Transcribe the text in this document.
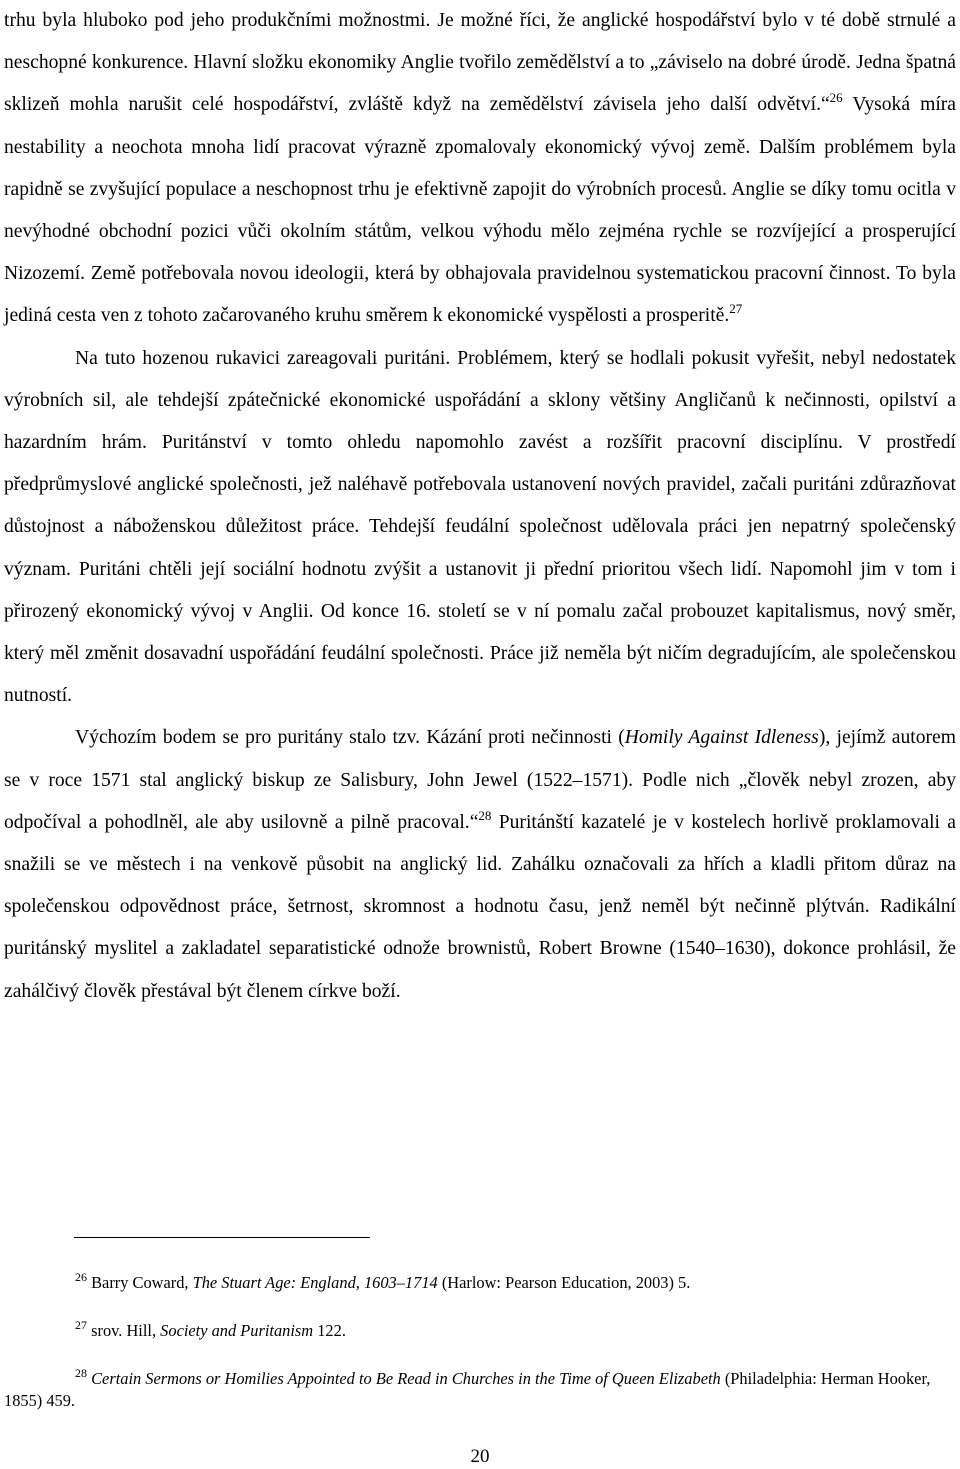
trhu byla hluboko pod jeho produkčními možnostmi. Je možné říci, že anglické hospodářství bylo v té době strnulé a neschopné konkurence. Hlavní složku ekonomiky Anglie tvořilo zemědělství a to „záviselo na dobré úrodě. Jedna špatná sklizeň mohla narušit celé hospodářství, zvláště když na zemědělství závisela jeho další odvětví.“$^{26}$ Vysoká míra nestability a neochota mnoha lidí pracovat výrazně zpomalovaly ekonomický vývoj země. Dalším problémem byla rapidně se zvyšující populace a neschopnost trhu je efektivně zapojit do výrobních procesů. Anglie se díky tomu ocitla v nevýhodné obchodní pozici vůči okolním státům, velkou výhodu mělo zejména rychle se rozvíjející a prosperující Nizozemí. Země potřebovala novou ideologii, která by obhajovala pravidelnou systematickou pracovní činnost. To byla jediná cesta ven z tohoto začarovaného kruhu směrem k ekonomické vyspělosti a prosperitě.$^{27}$

Na tuto hozenou rukavici zareagovali puritáni. Problémem, který se hodlali pokusit vyřešit, nebyl nedostatek výrobních sil, ale tehdejší zpátečnické ekonomické uspořádání a sklony většiny Angličanů k nečinnosti, opilství a hazardním hrám. Puritánství v tomto ohledu napomohlo zavést a rozšířit pracovní disciplínu. V prostředí předprůmyslové anglické společnosti, jež naléhavě potřebovala ustanovení nových pravidel, začali puritáni zdůrazňovat důstojnost a náboženskou důležitost práce. Tehdejší feudální společnost udělovala práci jen nepatrný společenský význam. Puritáni chtěli její sociální hodnotu zvýšit a ustanovit ji přední prioritou všech lidí. Napomohl jim v tom i přirozený ekonomický vývoj v Anglii. Od konce 16. století se v ní pomalu začal probouzet kapitalismus, nový směr, který měl změnit dosavadní uspořádání feudální společnosti. Práce již neměla být ničím degradujícím, ale společenskou nutností.

Výchozím bodem se pro puritány stalo tzv. Kázání proti nečinnosti (Homily Against Idleness), jejímž autorem se v roce 1571 stal anglický biskup ze Salisbury, John Jewel (1522–1571). Podle nich „člověk nebyl zrozen, aby odpočíval a pohodlněl, ale aby usilovně a pilně pracoval.“$^{28}$ Puritánští kazatelé je v kostelech horlivě proklamovali a snažili se ve městech i na venkově působit na anglický lid. Zahálku označovali za hřích a kladli přitom důraz na společenskou odpovědnost práce, šetrnost, skromnost a hodnotu času, jenž neměl být nečinně plýtván. Radikální puritánský myslitel a zakladatel separatistické odnože brownistů, Robert Browne (1540–1630), dokonce prohlásil, že zahálčivý člověk přestával být členem církve boží.

$^{26}$ Barry Coward, The Stuart Age: England, 1603–1714 (Harlow: Pearson Education, 2003) 5.

$^{27}$ srov. Hill, Society and Puritanism 122.

$^{28}$ Certain Sermons or Homilies Appointed to Be Read in Churches in the Time of Queen Elizabeth (Philadelphia: Herman Hooker, 1855) 459.

20
